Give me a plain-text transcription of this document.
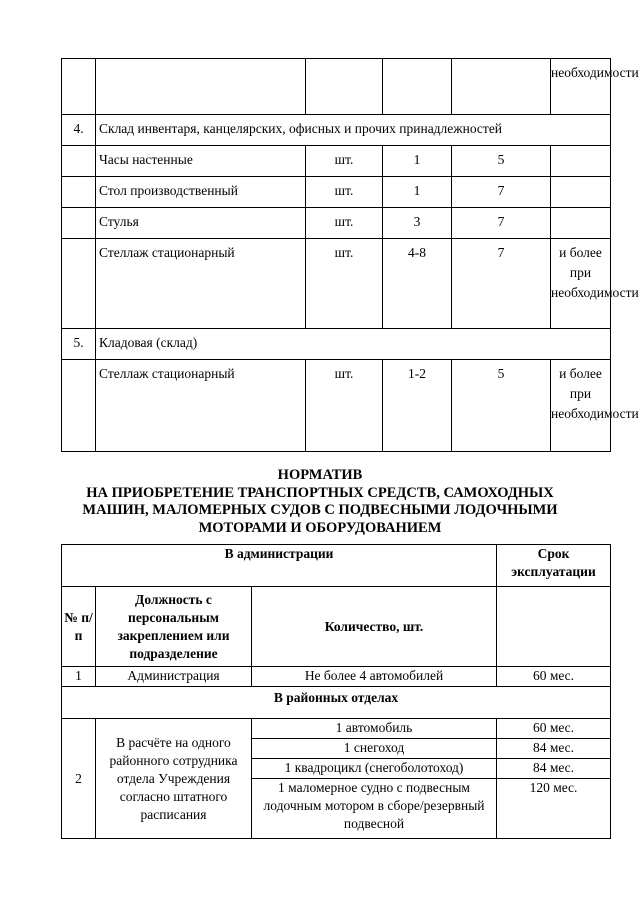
					необходимости
4.	Склад инвентаря, канцелярских, офисных и прочих принадлежностей				
	Часы настенные	шт.	1	5	
	Стол производственный	шт.	1	7	
	Стулья	шт.	3	7	
	Стеллаж стационарный	шт.	4-8	7	и более при необходимости
5.	Кладовая (склад)				
	Стеллаж стационарный	шт.	1-2	5	и более при необходимости
НОРМАТИВ
НА ПРИОБРЕТЕНИЕ ТРАНСПОРТНЫХ СРЕДСТВ, САМОХОДНЫХ
МАШИН, МАЛОМЕРНЫХ СУДОВ С ПОДВЕСНЫМИ ЛОДОЧНЫМИ
МОТОРАМИ И ОБОРУДОВАНИЕМ
В администрации			Срок эксплуатации
№ п/п	Должность с персональным закреплением или подразделение	Количество, шт.	
1	Администрация	Не более 4 автомобилей	60 мес.
В районных отделах			
2	В расчёте на одного районного сотрудника отдела Учреждения согласно штатного расписания	1 автомобиль	60 мес.
		1 снегоход	84 мес.
		1 квадроцикл (снегоболотоход)	84 мес.
		1 маломерное судно с подвесным лодочным мотором в сборе/резервный подвесной	120 мес.
